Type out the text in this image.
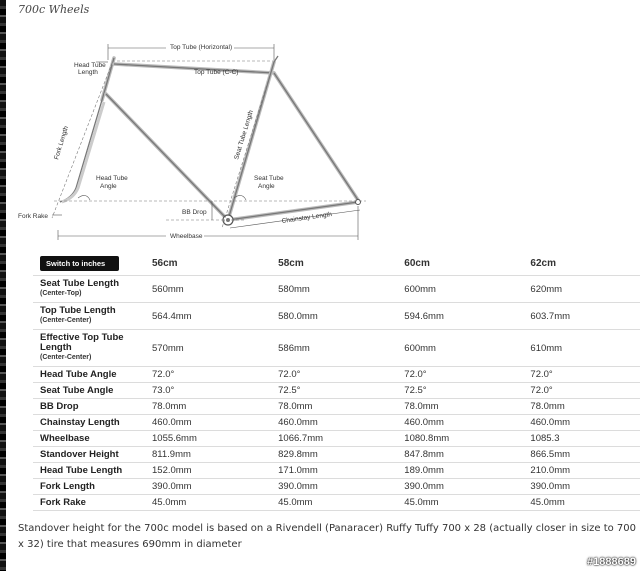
700c Wheels
Top Tube (Horizontal)
Wheelbase
Chainstay Length
BB Drop
Head Tube
Length	Top Tube (C-C)
Fork Length	Seat Tube Length
Head Tube
Angle
Seat Tube
Angle
Fork Rake
Switch to inches	56cm	58cm	60cm	62cm
Seat Tube Length
(Center-Top)	560mm	580mm	600mm	620mm
Top Tube Length
(Center-Center)	564.4mm	580.0mm	594.6mm	603.7mm
Effective Top Tube Length
(Center-Center)	570mm	586mm	600mm	610mm
Head Tube Angle	72.0°	72.0°	72.0°	72.0°
Seat Tube Angle	73.0°	72.5°	72.5°	72.0°
BB Drop	78.0mm	78.0mm	78.0mm	78.0mm
Chainstay Length	460.0mm	460.0mm	460.0mm	460.0mm
Wheelbase	1055.6mm	1066.7mm	1080.8mm	1085.3
Standover Height	811.9mm	829.8mm	847.8mm	866.5mm
Head Tube Length	152.0mm	171.0mm	189.0mm	210.0mm
Fork Length	390.0mm	390.0mm	390.0mm	390.0mm
Fork Rake	45.0mm	45.0mm	45.0mm	45.0mm
Standover height for the 700c model is based on a Rivendell (Panaracer) Ruffy Tuffy 700 x 28 (actually closer in size to 700 x 32) tire that measures 690mm in diameter
#1888689
